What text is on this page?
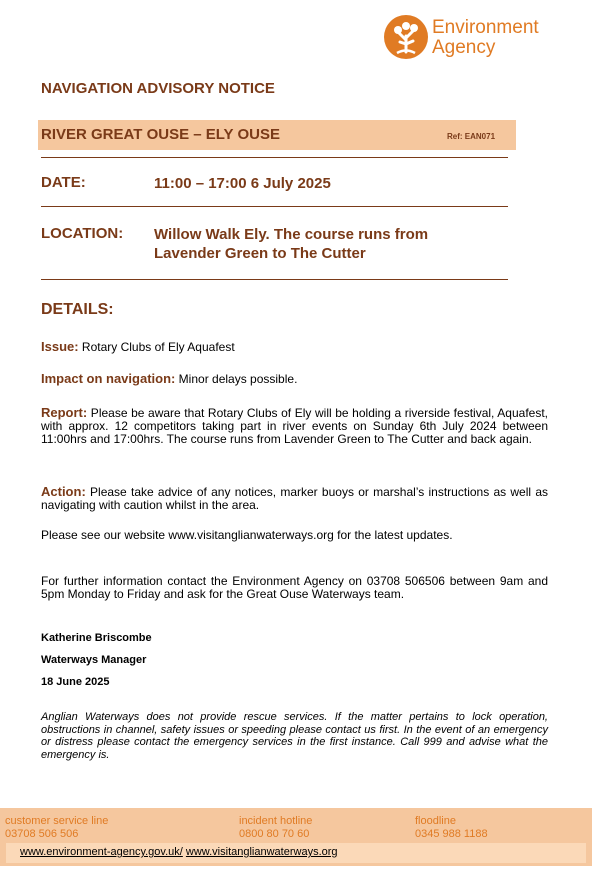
Environment
Agency
NAVIGATION ADVISORY NOTICE
RIVER GREAT OUSE – ELY OUSE	Ref: EAN071
DATE:	11:00 – 17:00 6 July 2025
LOCATION: Willow Walk Ely. The course runs from
Lavender Green to The Cutter
DETAILS:
Issue: Rotary Clubs of Ely Aquafest
Impact on navigation: Minor delays possible.
Report: Please be aware that Rotary Clubs of Ely will be holding a riverside festival, Aquafest, with approx. 12 competitors taking part in river events on Sunday 6th July 2024 between 11:00hrs and 17:00hrs. The course runs from Lavender Green to The Cutter and back again.
Action: Please take advice of any notices, marker buoys or marshal’s instructions as well as navigating with caution whilst in the area.
Please see our website www.visitanglianwaterways.org for the latest updates.
For further information contact the Environment Agency on 03708 506506 between 9am and 5pm Monday to Friday and ask for the Great Ouse Waterways team.
Katherine Briscombe
Waterways Manager
18 June 2025
Anglian Waterways does not provide rescue services. If the matter pertains to lock operation, obstructions in channel, safety issues or speeding please contact us first. In the event of an emergency or distress please contact the emergency services in the first instance. Call 999 and advise what the emergency is.
customer service line
03708 506 506
incident hotline
0800 80 70 60
floodline
0345 988 1188
www.environment-agency.gov.uk/ www.visitanglianwaterways.org
